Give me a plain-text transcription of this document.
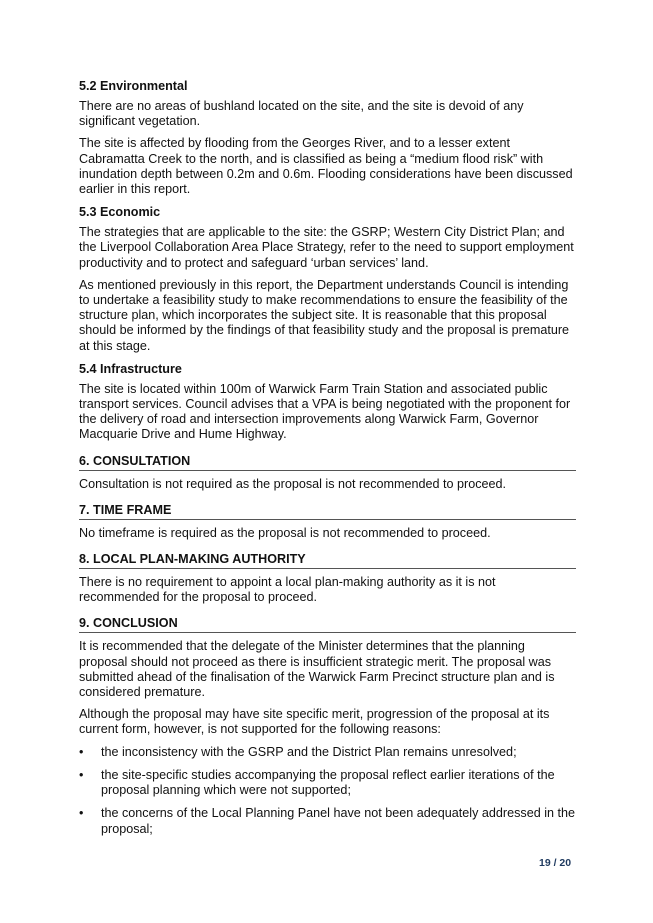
5.2 Environmental

There are no areas of bushland located on the site, and the site is devoid of any significant vegetation.

The site is affected by flooding from the Georges River, and to a lesser extent Cabramatta Creek to the north, and is classified as being a “medium flood risk” with inundation depth between 0.2m and 0.6m. Flooding considerations have been discussed earlier in this report.

5.3 Economic

The strategies that are applicable to the site: the GSRP; Western City District Plan; and the Liverpool Collaboration Area Place Strategy, refer to the need to support employment productivity and to protect and safeguard ‘urban services’ land.

As mentioned previously in this report, the Department understands Council is intending to undertake a feasibility study to make recommendations to ensure the feasibility of the structure plan, which incorporates the subject site. It is reasonable that this proposal should be informed by the findings of that feasibility study and the proposal is premature at this stage.

5.4 Infrastructure

The site is located within 100m of Warwick Farm Train Station and associated public transport services. Council advises that a VPA is being negotiated with the proponent for the delivery of road and intersection improvements along Warwick Farm, Governor Macquarie Drive and Hume Highway.

6. CONSULTATION

Consultation is not required as the proposal is not recommended to proceed.

7. TIME FRAME

No timeframe is required as the proposal is not recommended to proceed.

8. LOCAL PLAN-MAKING AUTHORITY

There is no requirement to appoint a local plan-making authority as it is not recommended for the proposal to proceed.

9. CONCLUSION

It is recommended that the delegate of the Minister determines that the planning proposal should not proceed as there is insufficient strategic merit. The proposal was submitted ahead of the finalisation of the Warwick Farm Precinct structure plan and is considered premature.

Although the proposal may have site specific merit, progression of the proposal at its current form, however, is not supported for the following reasons:

• the inconsistency with the GSRP and the District Plan remains unresolved;
• the site-specific studies accompanying the proposal reflect earlier iterations of the proposal planning which were not supported;
• the concerns of the Local Planning Panel have not been adequately addressed in the proposal;
19 / 20
